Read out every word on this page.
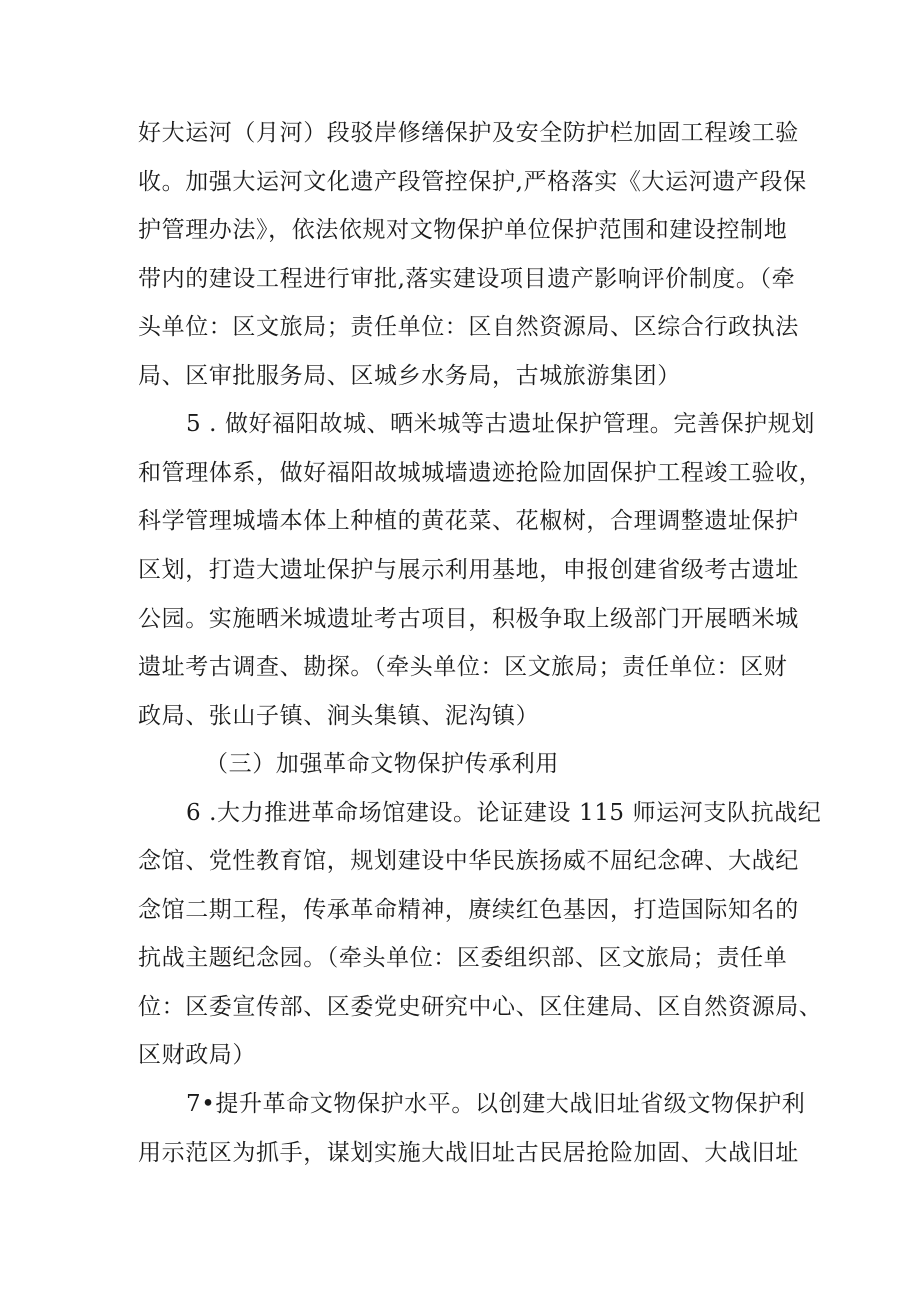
好大运河（月河）段驳岸修缮保护及安全防护栏加固工程竣工验
收。加强大运河文化遗产段管控保护,严格落实《大运河遗产段保
护管理办法》，依法依规对文物保护单位保护范围和建设控制地
带内的建设工程进行审批,落实建设项目遗产影响评价制度。（牵
头单位：区文旅局；责任单位：区自然资源局、区综合行政执法
局、区审批服务局、区城乡水务局，古城旅游集团）
5 . 做好福阳故城、晒米城等古遗址保护管理。完善保护规划
和管理体系，做好福阳故城城墙遗迹抢险加固保护工程竣工验收，
科学管理城墙本体上种植的黄花菜、花椒树，合理调整遗址保护
区划，打造大遗址保护与展示利用基地，申报创建省级考古遗址
公园。实施晒米城遗址考古项目，积极争取上级部门开展晒米城
遗址考古调查、勘探。（牵头单位：区文旅局；责任单位：区财
政局、张山子镇、涧头集镇、泥沟镇）
（三）加强革命文物保护传承利用
6 .大力推进革命场馆建设。论证建设 115 师运河支队抗战纪
念馆、党性教育馆，规划建设中华民族扬威不屈纪念碑、大战纪
念馆二期工程，传承革命精神，赓续红色基因，打造国际知名的
抗战主题纪念园。（牵头单位：区委组织部、区文旅局；责任单
位：区委宣传部、区委党史研究中心、区住建局、区自然资源局、
区财政局）
7•提升革命文物保护水平。以创建大战旧址省级文物保护利
用示范区为抓手，谋划实施大战旧址古民居抢险加固、大战旧址
